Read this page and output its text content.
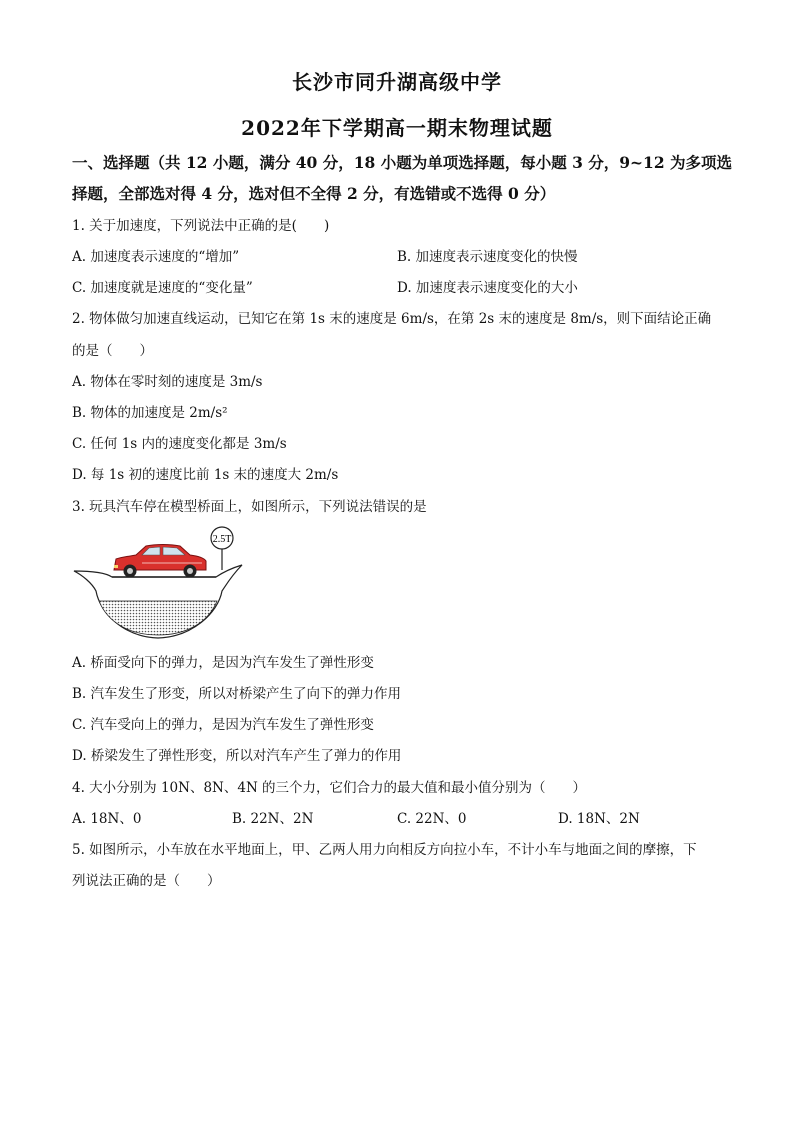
长沙市同升湖高级中学
2022年下学期高一期末物理试题
一、选择题（共 12 小题，满分 40 分，18 小题为单项选择题，每小题 3 分，9~12 为多项选
择题，全部选对得 4 分，选对但不全得 2 分，有选错或不选得 0 分）
1. 关于加速度，下列说法中正确的是(　　)
A. 加速度表示速度的“增加”	B. 加速度表示速度变化的快慢
C. 加速度就是速度的“变化量”	D. 加速度表示速度变化的大小
2. 物体做匀加速直线运动，已知它在第 1s 末的速度是 6m/s，在第 2s 末的速度是 8m/s，则下面结论正确
的是（　　）
A. 物体在零时刻的速度是 3m/s
B. 物体的加速度是 2m/s²
C. 任何 1s 内的速度变化都是 3m/s
D. 每 1s 初的速度比前 1s 末的速度大 2m/s
3. 玩具汽车停在模型桥面上，如图所示，下列说法错误的是
2.5T
A. 桥面受向下的弹力，是因为汽车发生了弹性形变
B. 汽车发生了形变，所以对桥梁产生了向下的弹力作用
C. 汽车受向上的弹力，是因为汽车发生了弹性形变
D. 桥梁发生了弹性形变，所以对汽车产生了弹力的作用
4. 大小分别为 10N、8N、4N 的三个力，它们合力的最大值和最小值分别为（　　）
A. 18N、0	B. 22N、2N	C. 22N、0	D. 18N、2N
5. 如图所示，小车放在水平地面上，甲、乙两人用力向相反方向拉小车，不计小车与地面之间的摩擦，下
列说法正确的是（　　）
